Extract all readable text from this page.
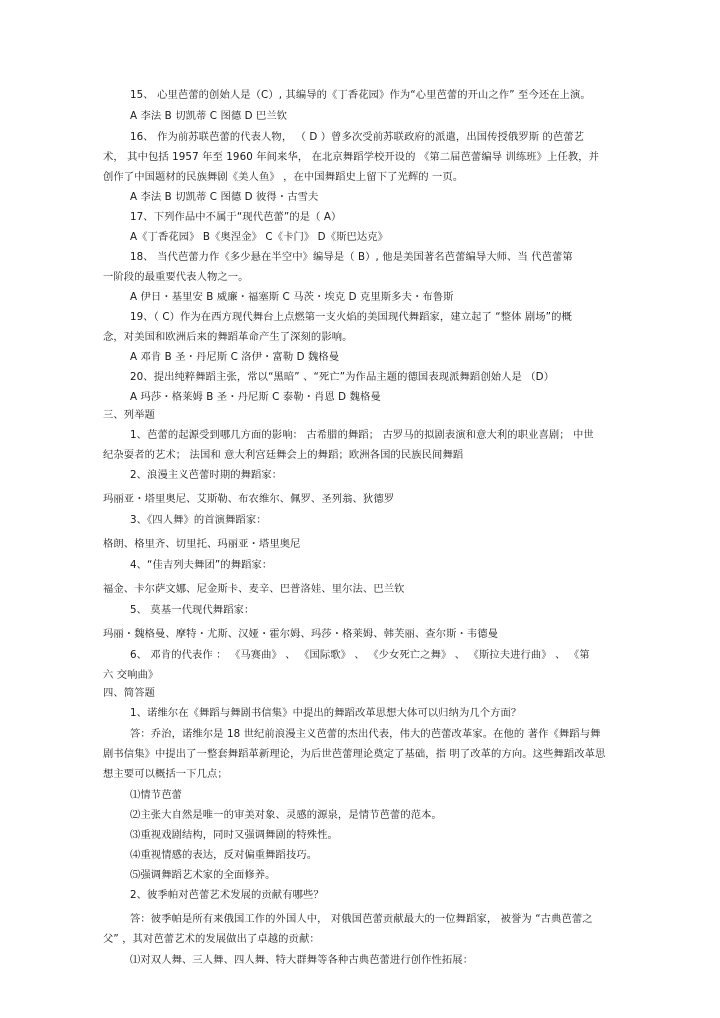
15、 心里芭蕾的创始人是（C）, 其编导的《丁香花园》作为“心里芭蕾的开山之作” 至今还在上演。
A 李法 B 切凯蒂 C 图德 D 巴兰钦
16、 作为前苏联芭蕾的代表人物， （ D ）曾多次受前苏联政府的派遣，出国传授俄罗斯 的芭蕾艺
术， 其中包括 1957 年至 1960 年间来华， 在北京舞蹈学校开设的 《第二届芭蕾编导 训练班》上任教，并
创作了中国题材的民族舞剧《美人鱼》 ，在中国舞蹈史上留下了光辉的 一页。
A 李法 B 切凯蒂 C 图德 D 彼得・古雪夫
17、下列作品中不属于“现代芭蕾”的是（ A）
A《丁香花园》 B《奥涅金》 C《卡门》 D《斯巴达克》
18、 当代芭蕾力作《多少悬在半空中》编导是（ B）, 他是美国著名芭蕾编导大师、当 代芭蕾第
一阶段的最重要代表人物之一。
A 伊日・基里安 B 威廉・福塞斯 C 马茨・埃克 D 克里斯多夫・布鲁斯
19、（ C）作为在西方现代舞台上点燃第一支火焰的美国现代舞蹈家，建立起了 “整体 剧场”的概
念，对美国和欧洲后来的舞蹈革命产生了深刻的影响。
A 邓肯 B 圣・丹尼斯 C 洛伊・富勒 D 魏格曼
20、提出纯粹舞蹈主张，常以“黑暗” 、“死亡”为作品主题的德国表现派舞蹈创始人是 （D）
A 玛莎・格莱姆 B 圣・丹尼斯 C 泰勒・肖恩 D 魏格曼
三、列举题
1、芭蕾的起源受到哪几方面的影响： 古希腊的舞蹈； 古罗马的拟剧表演和意大利的职业喜剧； 中世
纪杂耍者的艺术； 法国和 意大利宫廷舞会上的舞蹈；欧洲各国的民族民间舞蹈
2、浪漫主义芭蕾时期的舞蹈家：
玛丽亚・塔里奥尼、艾斯勒、布农维尔、佩罗、圣列翁、狄德罗
3、《四人舞》的首演舞蹈家：
格朗、格里齐、切里托、玛丽亚・塔里奥尼
4、“佳吉列夫舞团”的舞蹈家：
福金、卡尔萨文娜、尼金斯卡、麦辛、巴普洛娃、里尔法、巴兰钦
5、 莫基一代现代舞蹈家：
玛丽・魏格曼、摩特・尤斯、汉娅・霍尔姆、玛莎・格莱姆、韩芙丽、查尔斯・韦德曼
6、 邓肯的代表作 ： 《马赛曲》 、 《国际歌》 、 《少女死亡之舞》 、 《斯拉夫进行曲》 、 《第
六 交响曲》
四、简答题
1、诺维尔在《舞蹈与舞剧书信集》中提出的舞蹈改革思想大体可以归纳为几个方面？
答：乔治，诺维尔是 18 世纪前浪漫主义芭蕾的杰出代表，伟大的芭蕾改革家。在他的 著作《舞蹈与舞
剧书信集》中提出了一整套舞蹈革新理论，为后世芭蕾理论奠定了基础，指 明了改革的方向。这些舞蹈改革思
想主要可以概括一下几点；
⑴情节芭蕾
⑵主张大自然是唯一的审美对象、灵感的源泉，是情节芭蕾的范本。
⑶重视戏剧结构，同时又强调舞剧的特殊性。
⑷重视情感的表达，反对偏重舞蹈技巧。
⑸强调舞蹈艺术家的全面修养。
2、彼季帕对芭蕾艺术发展的贡献有哪些？
答：彼季帕是所有来俄国工作的外国人中， 对俄国芭蕾贡献最大的一位舞蹈家， 被誉为 “古典芭蕾之
父” ，其对芭蕾艺术的发展做出了卓越的贡献：
⑴对双人舞、三人舞、四人舞、特大群舞等各种古典芭蕾进行创作性拓展：
